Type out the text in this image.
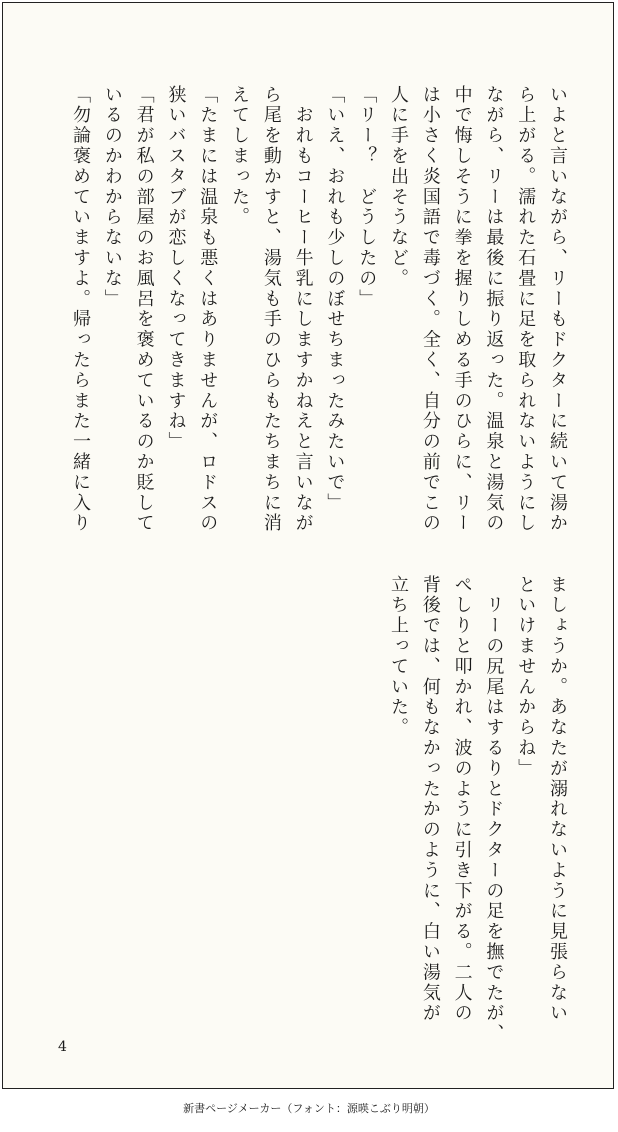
いよと言いながら、リーもドクターに続いて湯か
ら上がる。濡れた石畳に足を取られないようにし
ながら、リーは最後に振り返った。温泉と湯気の
中で悔しそうに拳を握りしめる手のひらに、リー
は小さく炎国語で毒づく。全く、自分の前でこの
人に手を出そうなど。
「リー？　どうしたの」
「いえ、おれも少しのぼせちまったみたいで」
　おれもコーヒー牛乳にしますかねえと言いなが
ら尾を動かすと、湯気も手のひらもたちまちに消
えてしまった。
「たまには温泉も悪くはありませんが、ロドスの
狭いバスタブが恋しくなってきますね」
「君が私の部屋のお風呂を褒めているのか貶して
いるのかわからないな」
「勿論褒めていますよ。帰ったらまた一緒に入り
ましょうか。あなたが溺れないように見張らない
といけませんからね」
　リーの尻尾はするりとドクターの足を撫でたが、
ぺしりと叩かれ、波のように引き下がる。二人の
背後では、何もなかったかのように、白い湯気が
立ち上っていた。
4
新書ページメーカー（フォント：源暎こぶり明朝）
